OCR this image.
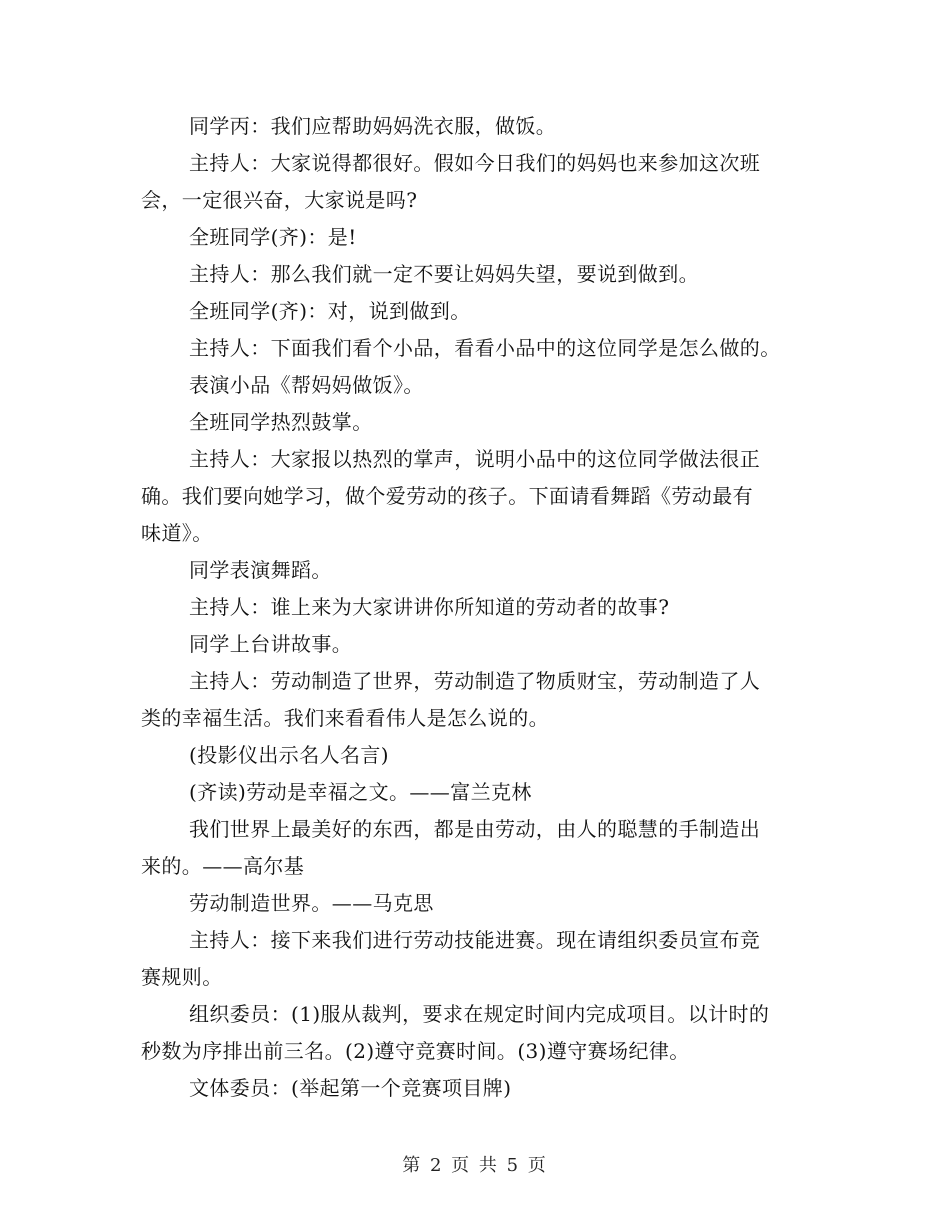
同学丙：我们应帮助妈妈洗衣服，做饭。
主持人：大家说得都很好。假如今日我们的妈妈也来参加这次班
会，一定很兴奋，大家说是吗?
全班同学(齐)：是!
主持人：那么我们就一定不要让妈妈失望，要说到做到。
全班同学(齐)：对，说到做到。
主持人：下面我们看个小品，看看小品中的这位同学是怎么做的。
表演小品《帮妈妈做饭》。
全班同学热烈鼓掌。
主持人：大家报以热烈的掌声，说明小品中的这位同学做法很正
确。我们要向她学习，做个爱劳动的孩子。下面请看舞蹈《劳动最有
味道》。
同学表演舞蹈。
主持人：谁上来为大家讲讲你所知道的劳动者的故事?
同学上台讲故事。
主持人：劳动制造了世界，劳动制造了物质财宝，劳动制造了人
类的幸福生活。我们来看看伟人是怎么说的。
(投影仪出示名人名言)
(齐读)劳动是幸福之文。——富兰克林
我们世界上最美好的东西，都是由劳动，由人的聪慧的手制造出
来的。——高尔基
劳动制造世界。——马克思
主持人：接下来我们进行劳动技能进赛。现在请组织委员宣布竞
赛规则。
组织委员：(1)服从裁判，要求在规定时间内完成项目。以计时的
秒数为序排出前三名。(2)遵守竞赛时间。(3)遵守赛场纪律。
文体委员：(举起第一个竞赛项目牌)
第 2 页 共 5 页
